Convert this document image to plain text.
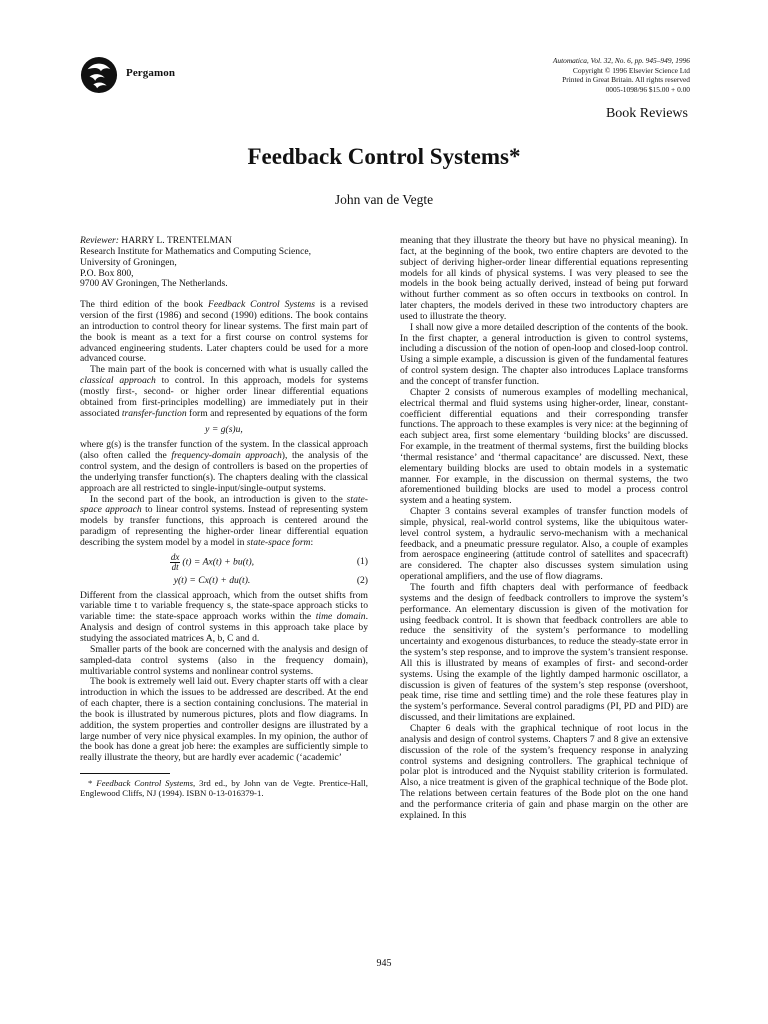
Pergamon
Automatica, Vol. 32, No. 6, pp. 945–949, 1996
Copyright © 1996 Elsevier Science Ltd
Printed in Great Britain. All rights reserved
0005-1098/96 $15.00 + 0.00
Book Reviews
Feedback Control Systems*
John van de Vegte
Reviewer: HARRY L. TRENTELMAN
Research Institute for Mathematics and Computing Science,
University of Groningen,
P.O. Box 800,
9700 AV Groningen, The Netherlands.

The third edition of the book Feedback Control Systems is a revised version of the first (1986) and second (1990) editions. The book contains an introduction to control theory for linear systems. The first main part of the book is meant as a text for a first course on control systems for advanced engineering students. Later chapters could be used for a more advanced course.

The main part of the book is concerned with what is usually called the classical approach to control. In this approach, models for systems (mostly first-, second- or higher order linear differential equations obtained from first-principles modelling) are immediately put in their associated transfer-function form and represented by equations of the form

y = g(s)u,

where g(s) is the transfer function of the system. In the classical approach (also often called the frequency-domain approach), the analysis of the control system, and the design of controllers is based on the properties of the underlying transfer function(s). The chapters dealing with the classical approach are all restricted to single-input/single-output systems.

In the second part of the book, an introduction is given to the state-space approach to linear control systems. Instead of representing system models by transfer functions, this approach is centered around the paradigm of representing the higher-order linear differential equation describing the system model by a model in state-space form:

$\frac{dx}{dt} (t) = Ax(t) + bu(t)$,	(1)
y(t) = Cx(t) + du(t).	(2)

Different from the classical approach, which from the outset shifts from variable time t to variable frequency s, the state-space approach sticks to variable time: the state-space approach works within the time domain. Analysis and design of control systems in this approach take place by studying the associated matrices A, b, C and d.

Smaller parts of the book are concerned with the analysis and design of sampled-data control systems (also in the frequency domain), multivariable control systems and nonlinear control systems.

The book is extremely well laid out. Every chapter starts off with a clear introduction in which the issues to be addressed are described. At the end of each chapter, there is a section containing conclusions. The material in the book is illustrated by numerous pictures, plots and flow diagrams. In addition, the system properties and controller designs are illustrated by a large number of very nice physical examples. In my opinion, the author of the book has done a great job here: the examples are sufficiently simple to really illustrate the theory, but are hardly ever academic (‘academic’

* Feedback Control Systems, 3rd ed., by John van de Vegte. Prentice-Hall, Englewood Cliffs, NJ (1994). ISBN 0-13-016379-1.

meaning that they illustrate the theory but have no physical meaning). In fact, at the beginning of the book, two entire chapters are devoted to the subject of deriving higher-order linear differential equations representing models for all kinds of physical systems. I was very pleased to see the models in the book being actually derived, instead of being put forward without further comment as so often occurs in textbooks on control. In later chapters, the models derived in these two introductory chapters are used to illustrate the theory.

I shall now give a more detailed description of the contents of the book. In the first chapter, a general introduction is given to control systems, including a discussion of the notion of open-loop and closed-loop control. Using a simple example, a discussion is given of the fundamental features of control system design. The chapter also introduces Laplace transforms and the concept of transfer function.

Chapter 2 consists of numerous examples of modelling mechanical, electrical thermal and fluid systems using higher-order, linear, constant-coefficient differential equations and their corresponding transfer functions. The approach to these examples is very nice: at the beginning of each subject area, first some elementary ‘building blocks’ are discussed. For example, in the treatment of thermal systems, first the building blocks ‘thermal resistance’ and ‘thermal capacitance’ are discussed. Next, these elementary building blocks are used to obtain models in a systematic manner. For example, in the discussion on thermal systems, the two aforementioned building blocks are used to model a process control system and a heating system.

Chapter 3 contains several examples of transfer function models of simple, physical, real-world control systems, like the ubiquitous water-level control system, a hydraulic servo-mechanism with a mechanical feedback, and a pneumatic pressure regulator. Also, a couple of examples from aerospace engineering (attitude control of satellites and spacecraft) are considered. The chapter also discusses system simulation using operational amplifiers, and the use of flow diagrams.

The fourth and fifth chapters deal with performance of feedback systems and the design of feedback controllers to improve the system’s performance. An elementary discussion is given of the motivation for using feedback control. It is shown that feedback controllers are able to reduce the sensitivity of the system’s performance to modelling uncertainty and exogenous disturbances, to reduce the steady-state error in the system’s step response, and to improve the system’s transient response. All this is illustrated by means of examples of first- and second-order systems. Using the example of the lightly damped harmonic oscillator, a discussion is given of features of the system’s step response (overshoot, peak time, rise time and settling time) and the role these features play in the system’s performance. Several control paradigms (PI, PD and PID) are discussed, and their limitations are explained.

Chapter 6 deals with the graphical technique of root locus in the analysis and design of control systems. Chapters 7 and 8 give an extensive discussion of the role of the system’s frequency response in analyzing control systems and designing controllers. The graphical technique of polar plot is introduced and the Nyquist stability criterion is formulated. Also, a nice treatment is given of the graphical technique of the Bode plot. The relations between certain features of the Bode plot on the one hand and the performance criteria of gain and phase margin on the other are explained. In this

945
